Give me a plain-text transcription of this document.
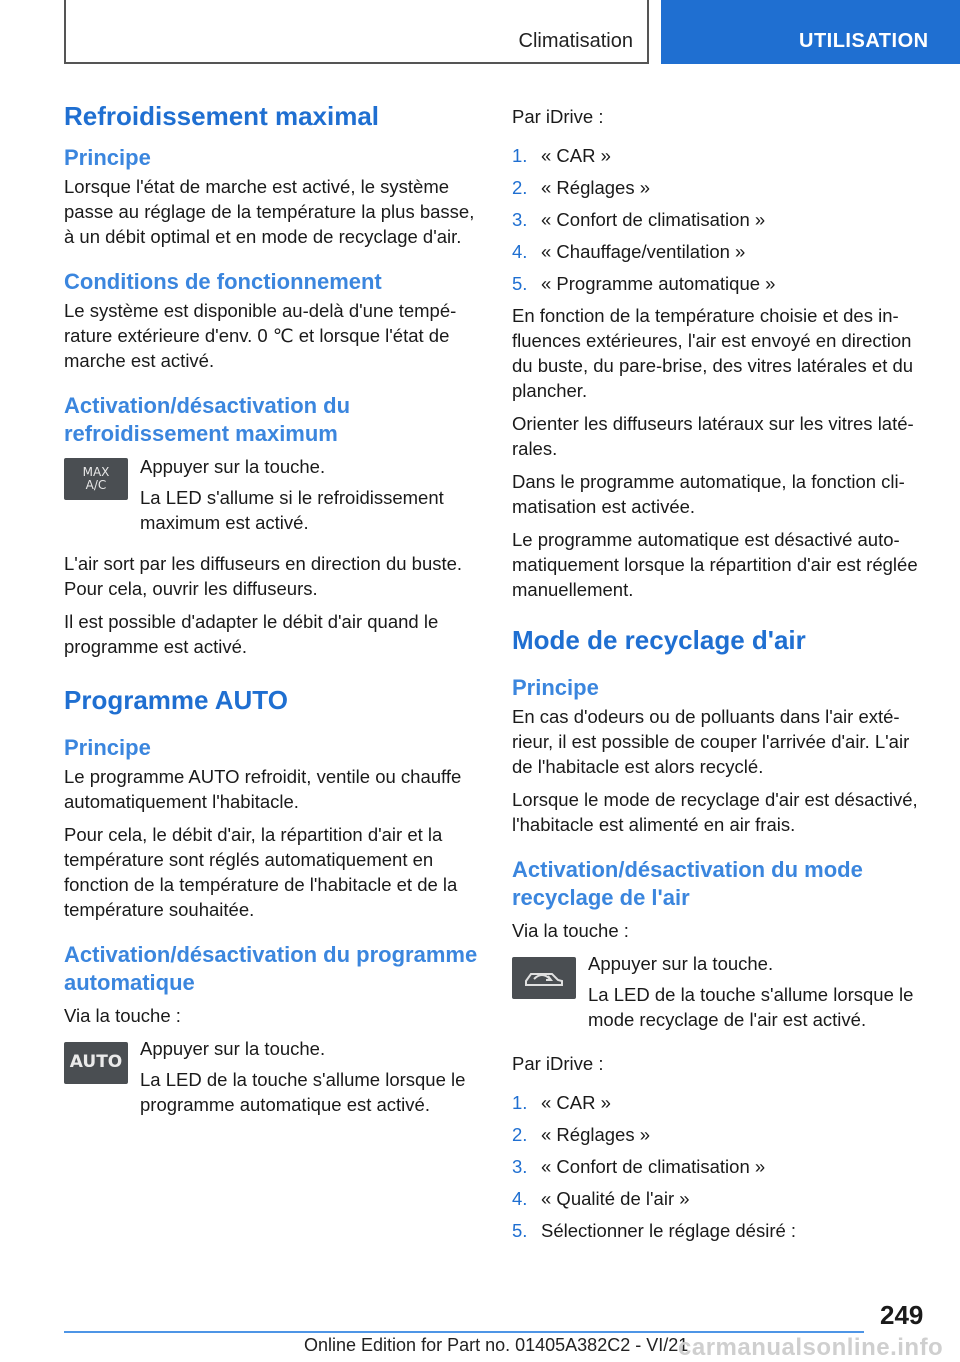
Climatisation	UTILISATION
Refroidissement maximal
Principe
Lorsque l'état de marche est activé, le système passe au réglage de la température la plus basse, à un débit optimal et en mode de recyclage d'air.
Conditions de fonctionnement
Le système est disponible au-delà d'une température extérieure d'env. 0 ℃ et lorsque l'état de marche est activé.
Activation/désactivation du refroidissement maximum
MAX
A/C
Appuyer sur la touche.
La LED s'allume si le refroidissement maximum est activé.
L'air sort par les diffuseurs en direction du buste. Pour cela, ouvrir les diffuseurs.
Il est possible d'adapter le débit d'air quand le programme est activé.
Programme AUTO
Principe
Le programme AUTO refroidit, ventile ou chauffe automatiquement l'habitacle.
Pour cela, le débit d'air, la répartition d'air et la température sont réglés automatiquement en fonction de la température de l'habitacle et de la température souhaitée.
Activation/désactivation du programme automatique
Via la touche :
AUTO
Appuyer sur la touche.
La LED de la touche s'allume lorsque le programme automatique est activé.
Par iDrive :
1. « CAR »
2. « Réglages »
3. « Confort de climatisation »
4. « Chauffage/ventilation »
5. « Programme automatique »
En fonction de la température choisie et des influences extérieures, l'air est envoyé en direction du buste, du pare-brise, des vitres latérales et du plancher.
Orienter les diffuseurs latéraux sur les vitres latérales.
Dans le programme automatique, la fonction climatisation est activée.
Le programme automatique est désactivé automatiquement lorsque la répartition d'air est réglée manuellement.
Mode de recyclage d'air
Principe
En cas d'odeurs ou de polluants dans l'air extérieur, il est possible de couper l'arrivée d'air. L'air de l'habitacle est alors recyclé.
Lorsque le mode de recyclage d'air est désactivé, l'habitacle est alimenté en air frais.
Activation/désactivation du mode recyclage de l'air
Via la touche :
Appuyer sur la touche.
La LED de la touche s'allume lorsque le mode recyclage de l'air est activé.
Par iDrive :
1. « CAR »
2. « Réglages »
3. « Confort de climatisation »
4. « Qualité de l'air »
5. Sélectionner le réglage désiré :
249
Online Edition for Part no. 01405A382C2 - VI/21
carmanualsonline.info
